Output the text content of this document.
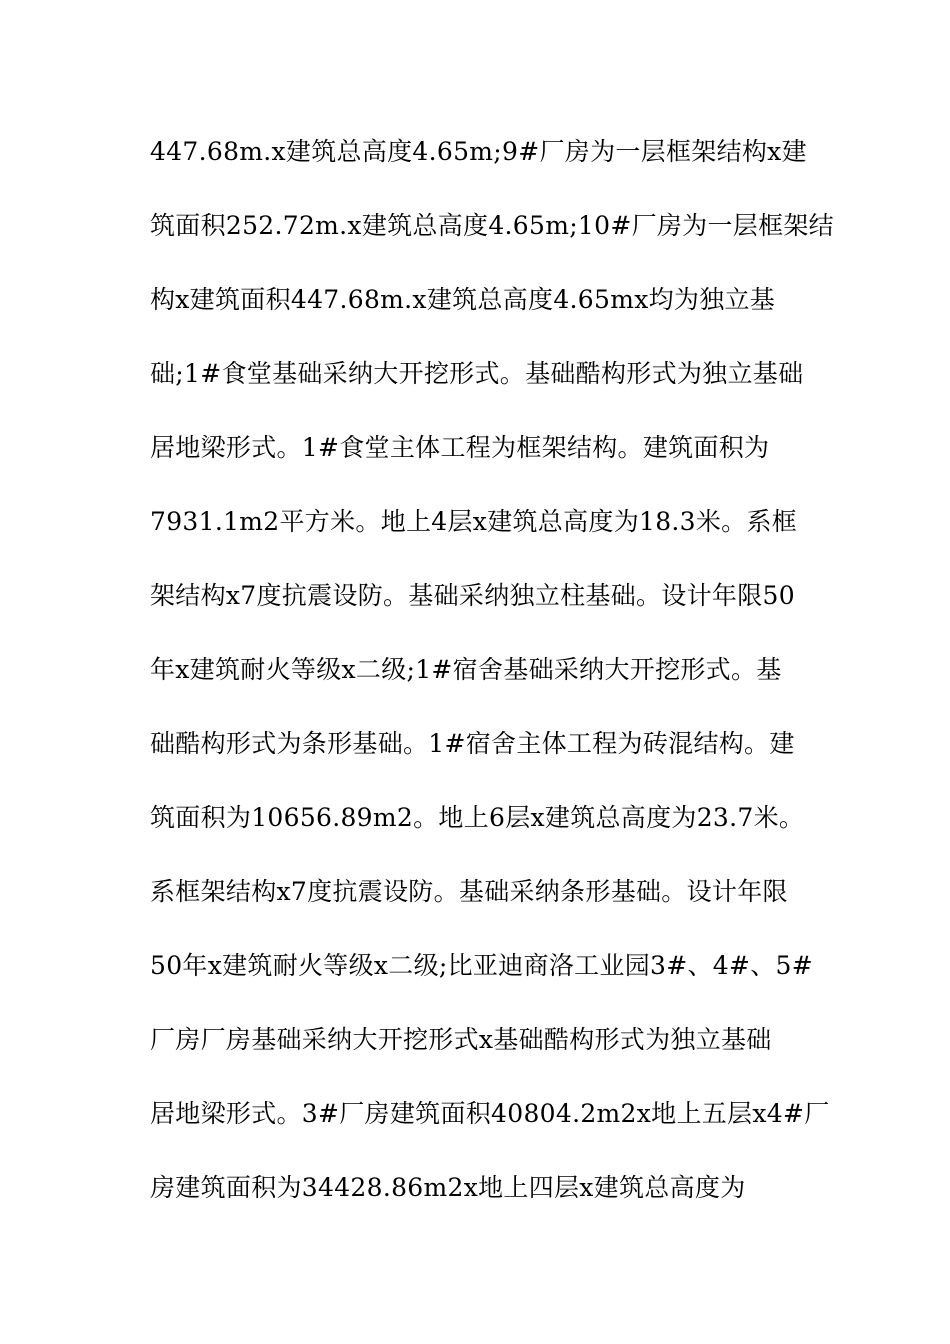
447.68m.x建筑总高度4.65m;9#厂房为一层框架结构x建
筑面积252.72m.x建筑总高度4.65m;10#厂房为一层框架结
构x建筑面积447.68m.x建筑总高度4.65mx均为独立基
础;1#食堂基础采纳大开挖形式。基础酷构形式为独立基础
居地梁形式。1#食堂主体工程为框架结构。建筑面积为
7931.1m2平方米。地上4层x建筑总高度为18.3米。系框
架结构x7度抗震设防。基础采纳独立柱基础。设计年限50
年x建筑耐火等级x二级;1#宿舍基础采纳大开挖形式。基
础酷构形式为条形基础。1#宿舍主体工程为砖混结构。建
筑面积为10656.89m2。地上6层x建筑总高度为23.7米。
系框架结构x7度抗震设防。基础采纳条形基础。设计年限
50年x建筑耐火等级x二级;比亚迪商洛工业园3#、4#、5#
厂房厂房基础采纳大开挖形式x基础酷构形式为独立基础
居地梁形式。3#厂房建筑面积40804.2m2x地上五层x4#厂
房建筑面积为34428.86m2x地上四层x建筑总高度为
